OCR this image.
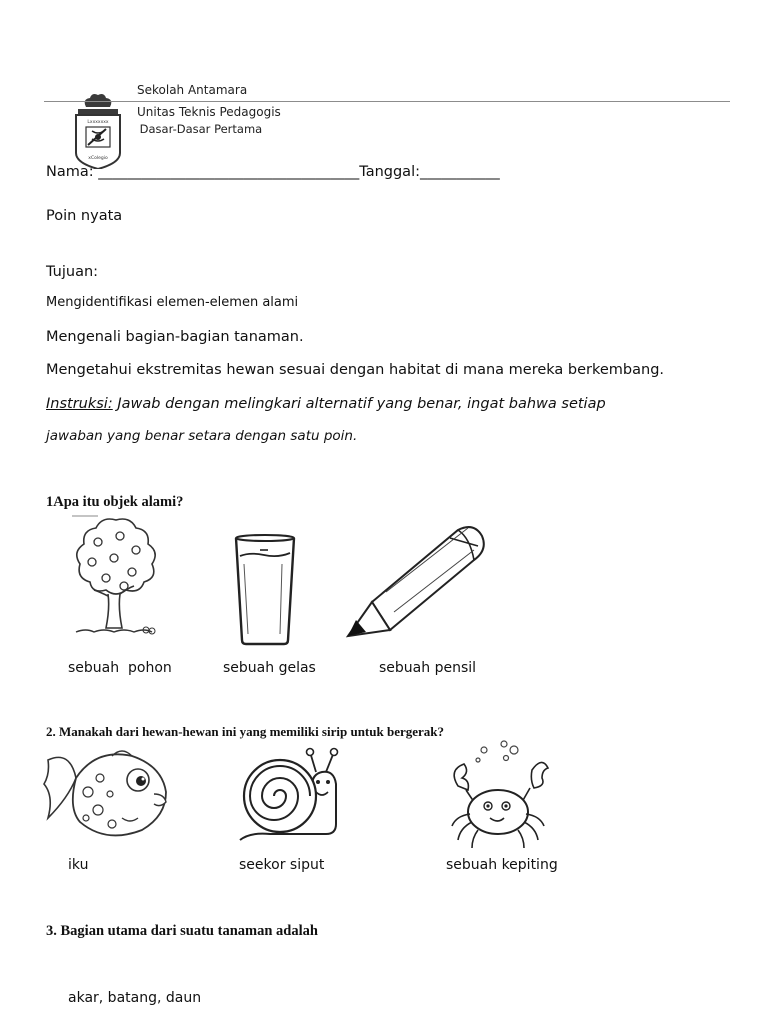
Lxxxxxxx
xColegio

Sekolah Antamara
Unitas Teknis Pedagogis
Dasar-Dasar Pertama
Nama: ____________________________________Tanggal:___________
Poin nyata
Tujuan:
Mengidentifikasi elemen-elemen alami
Mengenali bagian-bagian tanaman.
Mengetahui ekstremitas hewan sesuai dengan habitat di mana mereka berkembang.
Instruksi: Jawab dengan melingkari alternatif yang benar, ingat bahwa setiap
jawaban yang benar setara dengan satu poin.
1Apa itu objek alami?
sebuah  pohon	sebuah gelas	sebuah pensil
2. Manakah dari hewan-hewan ini yang memiliki sirip untuk bergerak?
iku	seekor siput	sebuah kepiting
3. Bagian utama dari suatu tanaman adalah
akar, batang, daun
